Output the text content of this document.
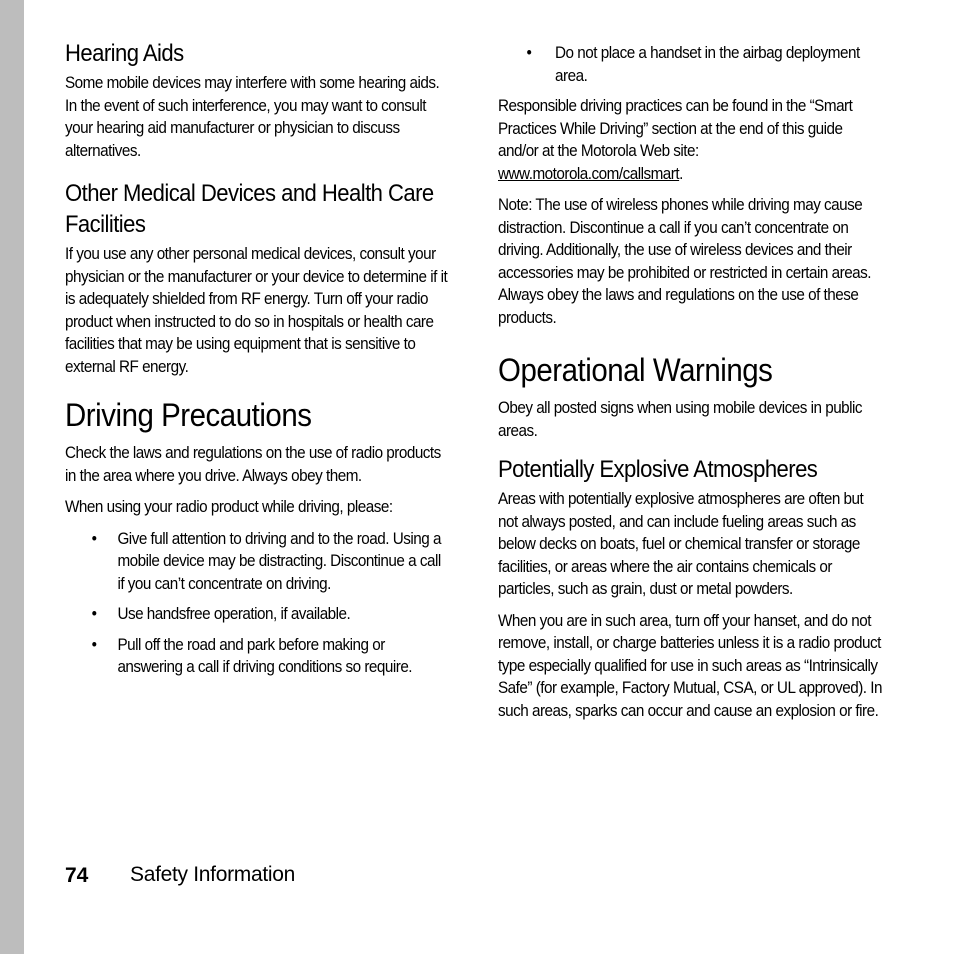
Hearing Aids

Some mobile devices may interfere with some hearing aids. In the event of such interference, you may want to consult your hearing aid manufacturer or physician to discuss alternatives.

Other Medical Devices and Health Care Facilities

If you use any other personal medical devices, consult your physician or the manufacturer or your device to determine if it is adequately shielded from RF energy. Turn off your radio product when instructed to do so in hospitals or health care facilities that may be using equipment that is sensitive to external RF energy.

Driving Precautions

Check the laws and regulations on the use of radio products in the area where you drive. Always obey them.

When using your radio product while driving, please:

• Give full attention to driving and to the road. Using a mobile device may be distracting. Discontinue a call if you can’t concentrate on driving.
• Use handsfree operation, if available.
• Pull off the road and park before making or answering a call if driving conditions so require.
• Do not place a handset in the airbag deployment area.

Responsible driving practices can be found in the “Smart Practices While Driving” section at the end of this guide and/or at the Motorola Web site: www.motorola.com/callsmart.

Note: The use of wireless phones while driving may cause distraction. Discontinue a call if you can’t concentrate on driving. Additionally, the use of wireless devices and their accessories may be prohibited or restricted in certain areas. Always obey the laws and regulations on the use of these products.

Operational Warnings

Obey all posted signs when using mobile devices in public areas.

Potentially Explosive Atmospheres

Areas with potentially explosive atmospheres are often but not always posted, and can include fueling areas such as below decks on boats, fuel or chemical transfer or storage facilities, or areas where the air contains chemicals or particles, such as grain, dust or metal powders.

When you are in such area, turn off your hanset, and do not remove, install, or charge batteries unless it is a radio product type especially qualified for use in such areas as “Intrinsically Safe” (for example, Factory Mutual, CSA, or UL approved). In such areas, sparks can occur and cause an explosion or fire.

74 Safety Information
